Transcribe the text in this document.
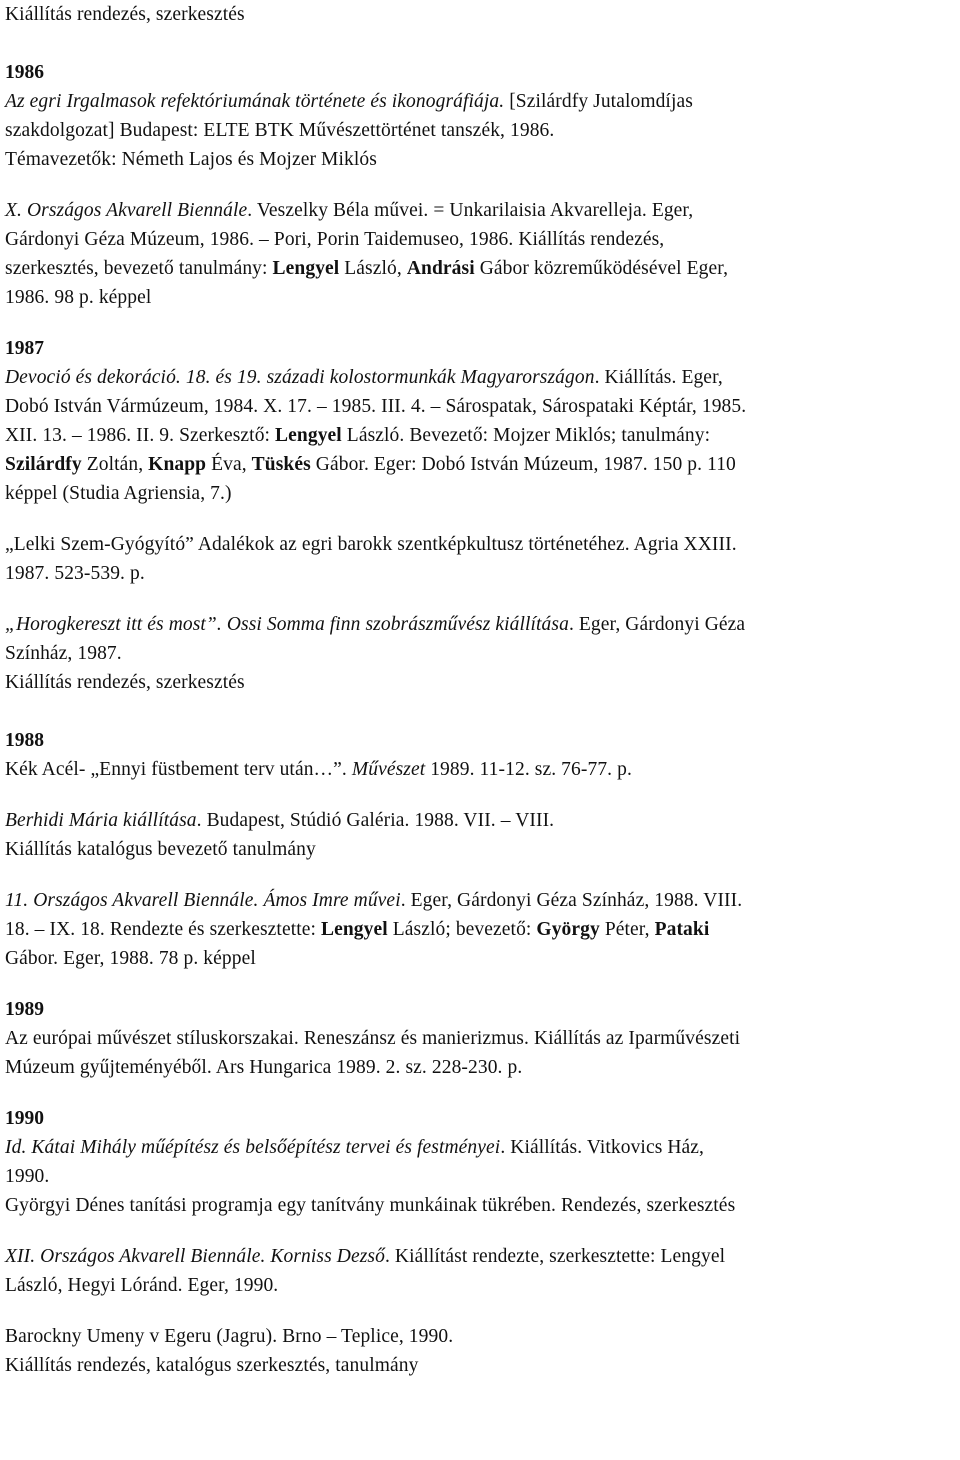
Kiállítás rendezés, szerkesztés
1986
Az egri Irgalmasok refektóriumának története és ikonográfiája. [Szilárdfy Jutalomdíjas
szakdolgozat] Budapest: ELTE BTK Művészettörténet tanszék, 1986.
Témavezetők: Németh Lajos és Mojzer Miklós
X. Országos Akvarell Biennále. Veszelky Béla művei. = Unkarilaisia Akvarelleja. Eger,
Gárdonyi Géza Múzeum, 1986. – Pori, Porin Taidemuseo, 1986. Kiállítás rendezés,
szerkesztés, bevezető tanulmány: Lengyel László, Andrási Gábor közreműködésével Eger,
1986. 98 p. képpel
1987
Devoció és dekoráció. 18. és 19. századi kolostormunkák Magyarországon. Kiállítás. Eger,
Dobó István Vármúzeum, 1984. X. 17. – 1985. III. 4. – Sárospatak, Sárospataki Képtár, 1985.
XII. 13. – 1986. II. 9. Szerkesztő: Lengyel László. Bevezető: Mojzer Miklós; tanulmány:
Szilárdfy Zoltán, Knapp Éva, Tüskés Gábor. Eger: Dobó István Múzeum, 1987. 150 p. 110
képpel (Studia Agriensia, 7.)
„Lelki Szem-Gyógyító” Adalékok az egri barokk szentképkultusz történetéhez. Agria XXIII.
1987. 523-539. p.
„Horogkereszt itt és most”. Ossi Somma finn szobrászművész kiállítása. Eger, Gárdonyi Géza
Színház, 1987.
Kiállítás rendezés, szerkesztés
1988
Kék Acél- „Ennyi füstbement terv után…”. Művészet 1989. 11-12. sz. 76-77. p.
Berhidi Mária kiállítása. Budapest, Stúdió Galéria. 1988. VII. – VIII.
Kiállítás katalógus bevezető tanulmány
11. Országos Akvarell Biennále. Ámos Imre művei. Eger, Gárdonyi Géza Színház, 1988. VIII.
18. – IX. 18. Rendezte és szerkesztette: Lengyel László; bevezető: György Péter, Pataki
Gábor. Eger, 1988. 78 p. képpel
1989
Az európai művészet stíluskorszakai. Reneszánsz és manierizmus. Kiállítás az Iparművészeti
Múzeum gyűjteményéből. Ars Hungarica 1989. 2. sz. 228-230. p.
1990
Id. Kátai Mihály műépítész és belsőépítész tervei és festményei. Kiállítás. Vitkovics Ház,
1990.
Györgyi Dénes tanítási programja egy tanítvány munkáinak tükrében. Rendezés, szerkesztés
XII. Országos Akvarell Biennále. Korniss Dezső. Kiállítást rendezte, szerkesztette: Lengyel
László, Hegyi Lóránd. Eger, 1990.
Barockny Umeny v Egeru (Jagru). Brno – Teplice, 1990.
Kiállítás rendezés, katalógus szerkesztés, tanulmány
